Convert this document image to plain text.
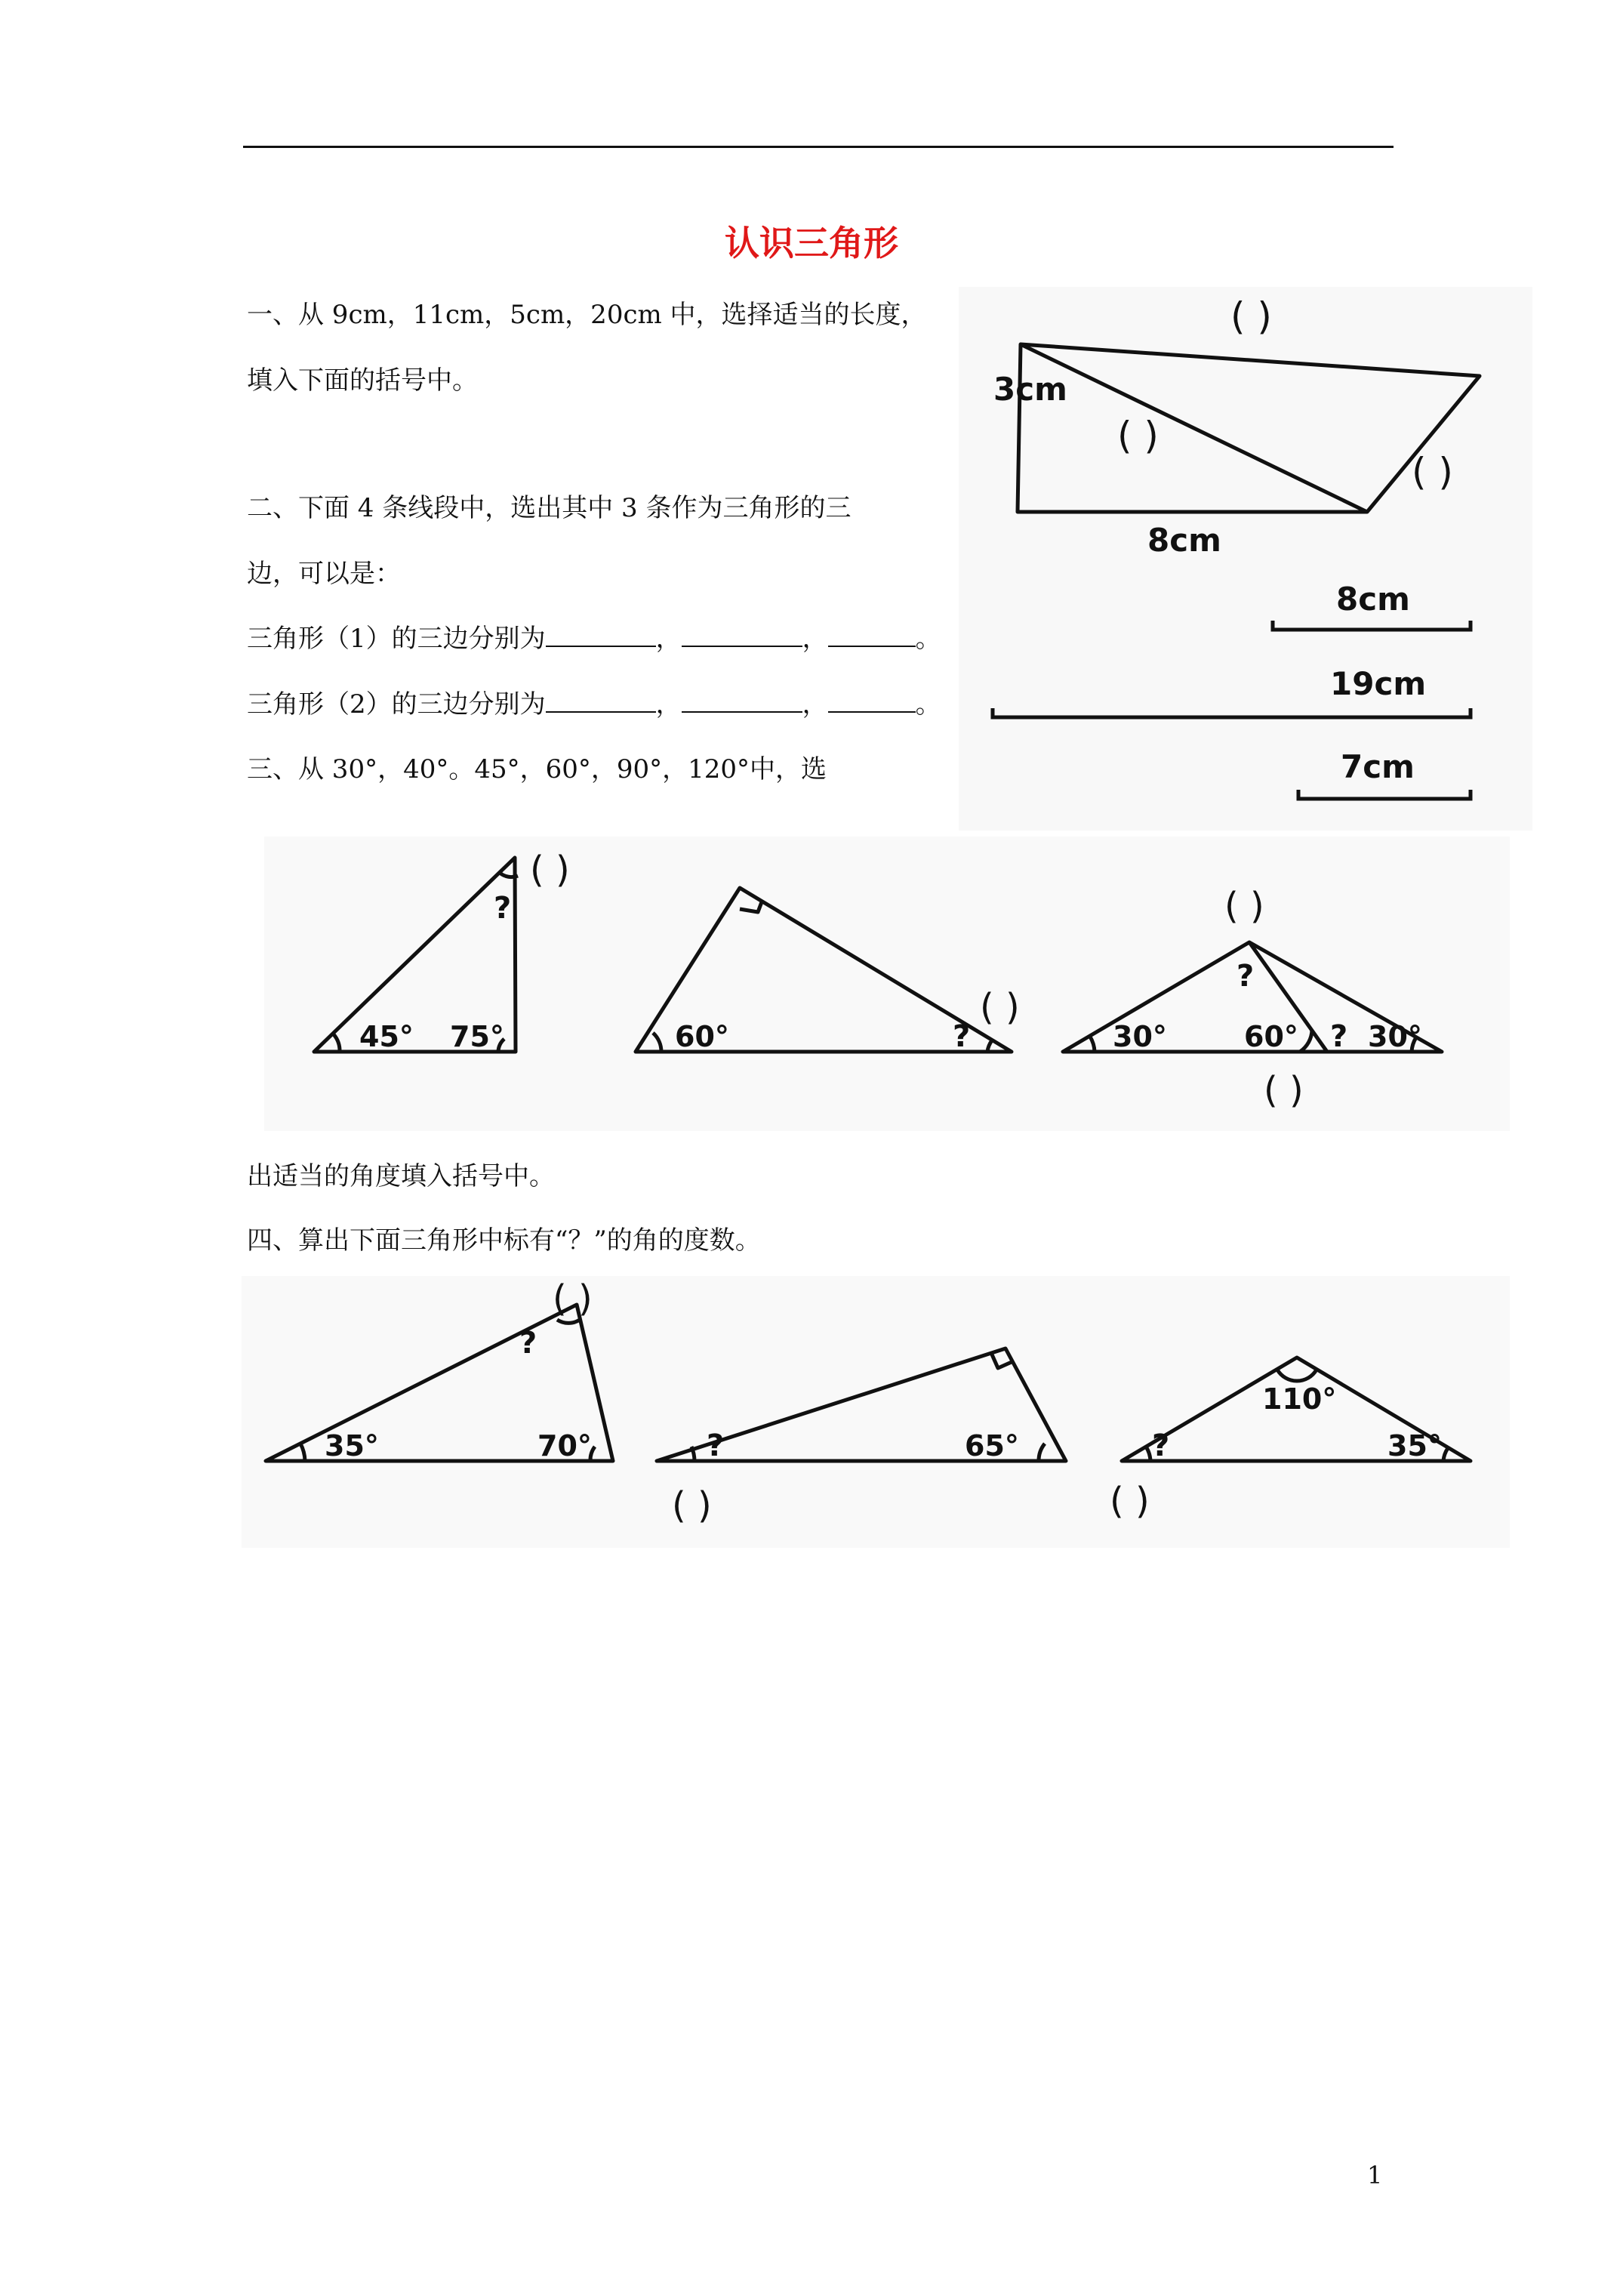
认识三角形
一、从 9cm，11cm，5cm，20cm 中，选择适当的长度，
填入下面的括号中。
二、下面 4 条线段中，选出其中 3 条作为三角形的三
边，可以是：
三角形（1）的三边分别为	，	，	。
三角形（2）的三边分别为	，	，	。
三、从 30°，40°。45°，60°，90°，120°中，选
出适当的角度填入括号中。
四、算出下面三角形中标有“？”的角的度数。
3cm
8cm
( )
( )
( )
8cm
19cm
7cm
45° 75°
?
( )
60°	?
( )
30°	60° 30°
?
?
( )
( )
35°	70°
?
( )
?	65°
( )
110°
35°
?
( )
1
